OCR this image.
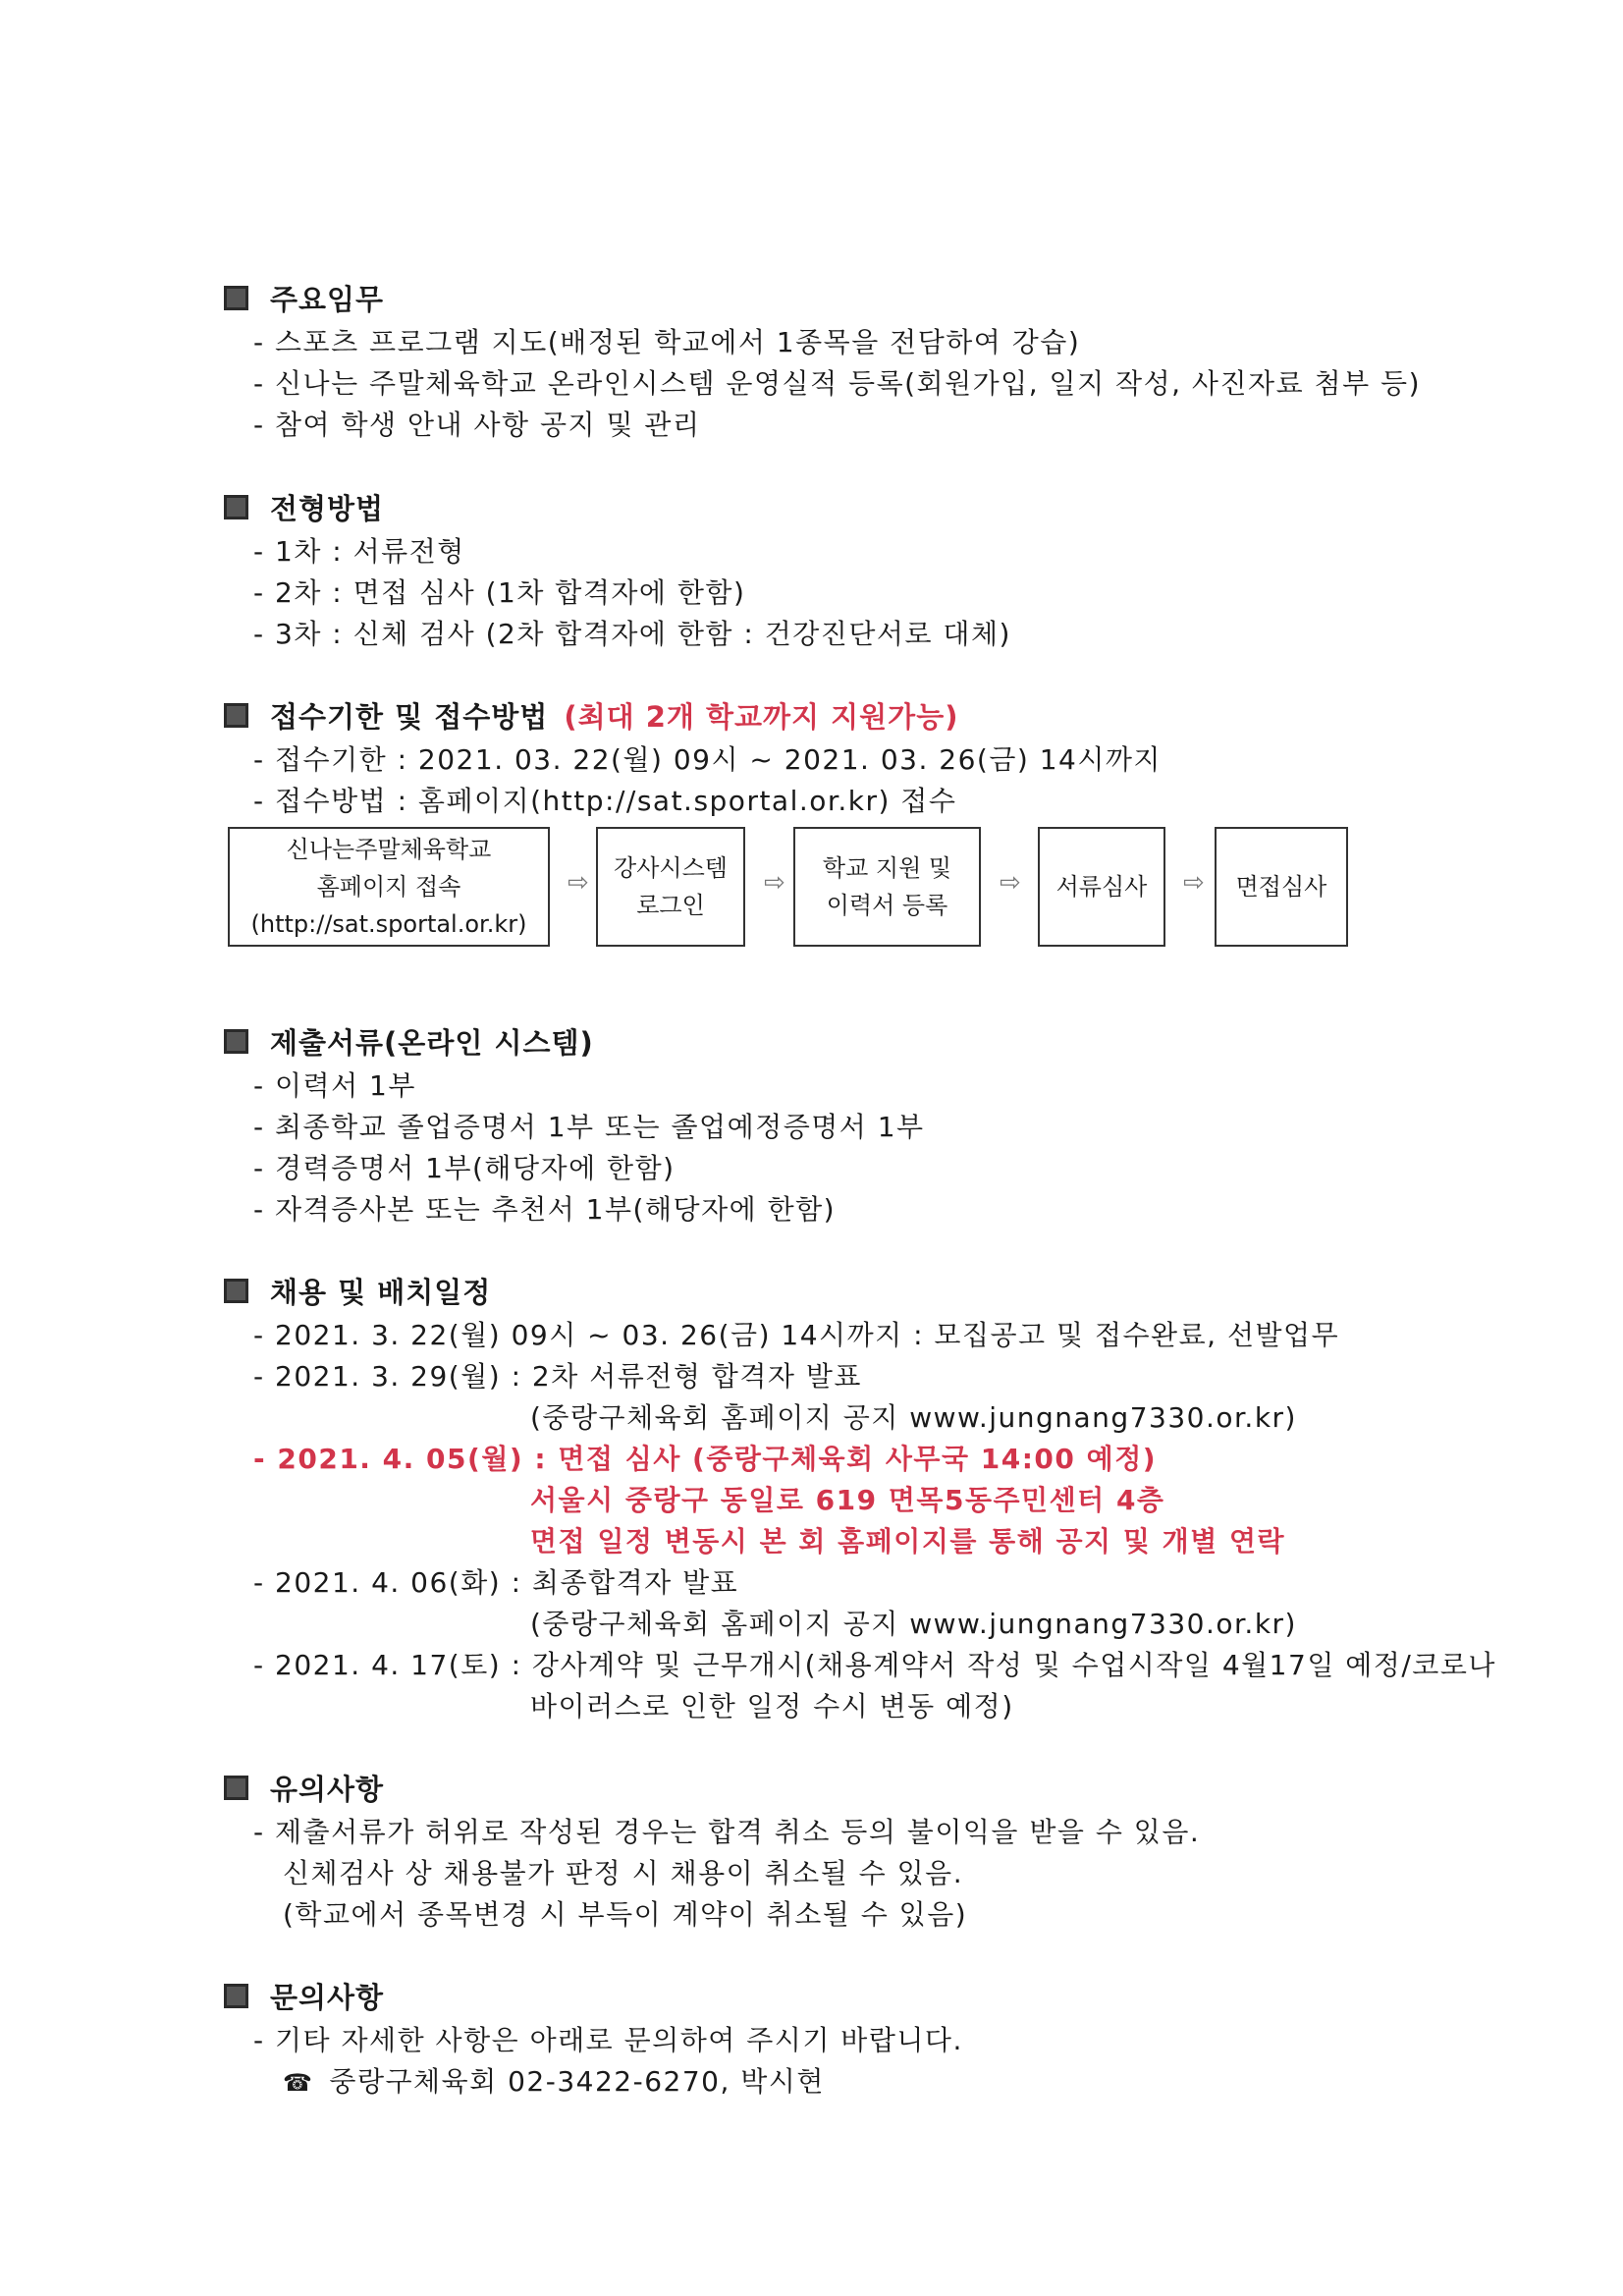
주요임무
- 스포츠 프로그램 지도(배정된 학교에서 1종목을 전담하여 강습)
- 신나는 주말체육학교 온라인시스템 운영실적 등록(회원가입, 일지 작성, 사진자료 첨부 등)
- 참여 학생 안내 사항 공지 및 관리
전형방법
- 1차 : 서류전형
- 2차 : 면접 심사 (1차 합격자에 한함)
- 3차 : 신체 검사 (2차 합격자에 한함 : 건강진단서로 대체)
접수기한 및 접수방법 (최대 2개 학교까지 지원가능)
- 접수기한 : 2021. 03. 22(월) 09시 ~ 2021. 03. 26(금) 14시까지
- 접수방법 : 홈페이지(http://sat.sportal.or.kr) 접수
신나는주말체육학교
홈페이지 접속
(http://sat.sportal.or.kr)
⇨ 강사시스템
로그인
⇨ 학교 지원 및
이력서 등록
⇨ 서류심사 ⇨ 면접심사
제출서류(온라인 시스템)
- 이력서 1부
- 최종학교 졸업증명서 1부 또는 졸업예정증명서 1부
- 경력증명서 1부(해당자에 한함)
- 자격증사본 또는 추천서 1부(해당자에 한함)
채용 및 배치일정
- 2021. 3. 22(월) 09시 ~ 03. 26(금) 14시까지 : 모집공고 및 접수완료, 선발업무
- 2021. 3. 29(월) : 2차 서류전형 합격자 발표
(중랑구체육회 홈페이지 공지 www.jungnang7330.or.kr)
- 2021. 4. 05(월) : 면접 심사 (중랑구체육회 사무국 14:00 예정)
서울시 중랑구 동일로 619 면목5동주민센터 4층
면접 일정 변동시 본 회 홈페이지를 통해 공지 및 개별 연락
- 2021. 4. 06(화) : 최종합격자 발표
(중랑구체육회 홈페이지 공지 www.jungnang7330.or.kr)
- 2021. 4. 17(토) : 강사계약 및 근무개시(채용계약서 작성 및 수업시작일 4월17일 예정/코로나
바이러스로 인한 일정 수시 변동 예정)
유의사항
- 제출서류가 허위로 작성된 경우는 합격 취소 등의 불이익을 받을 수 있음.
신체검사 상 채용불가 판정 시 채용이 취소될 수 있음.
(학교에서 종목변경 시 부득이 계약이 취소될 수 있음)
문의사항
- 기타 자세한 사항은 아래로 문의하여 주시기 바랍니다.
☎ 중랑구체육회 02-3422-6270, 박시현
